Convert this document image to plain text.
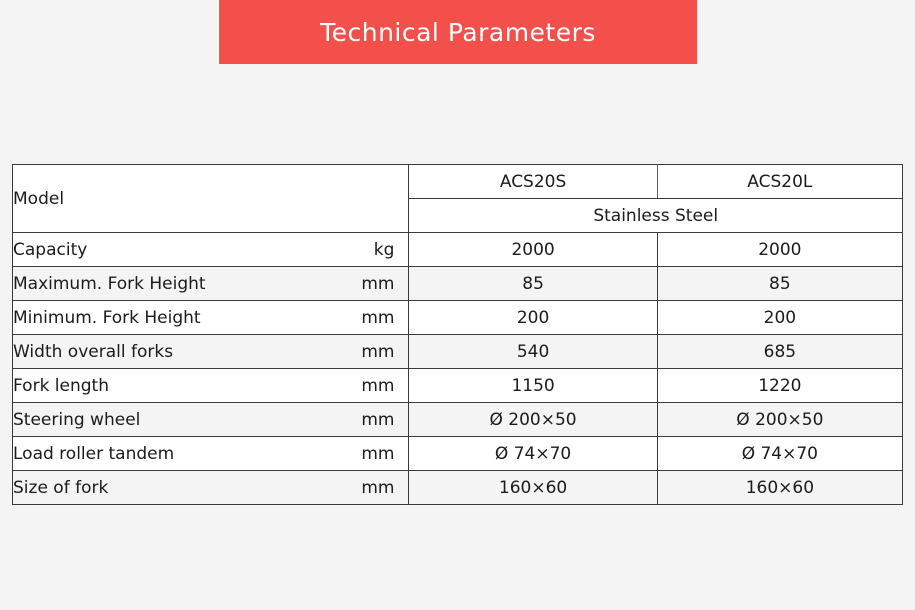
Technical Parameters
Model	ACS20S	ACS20L
	Stainless Steel	

Capacity kg	2000	2000

Maximum. Fork Height mm	85	85

Minimum. Fork Height mm	200	200

Width overall forks mm	540	685

Fork length mm	1150	1220

Steering wheel mm	Ø 200×50	Ø 200×50

Load roller tandem mm	Ø 74×70	Ø 74×70

Size of fork mm	160×60	160×60
